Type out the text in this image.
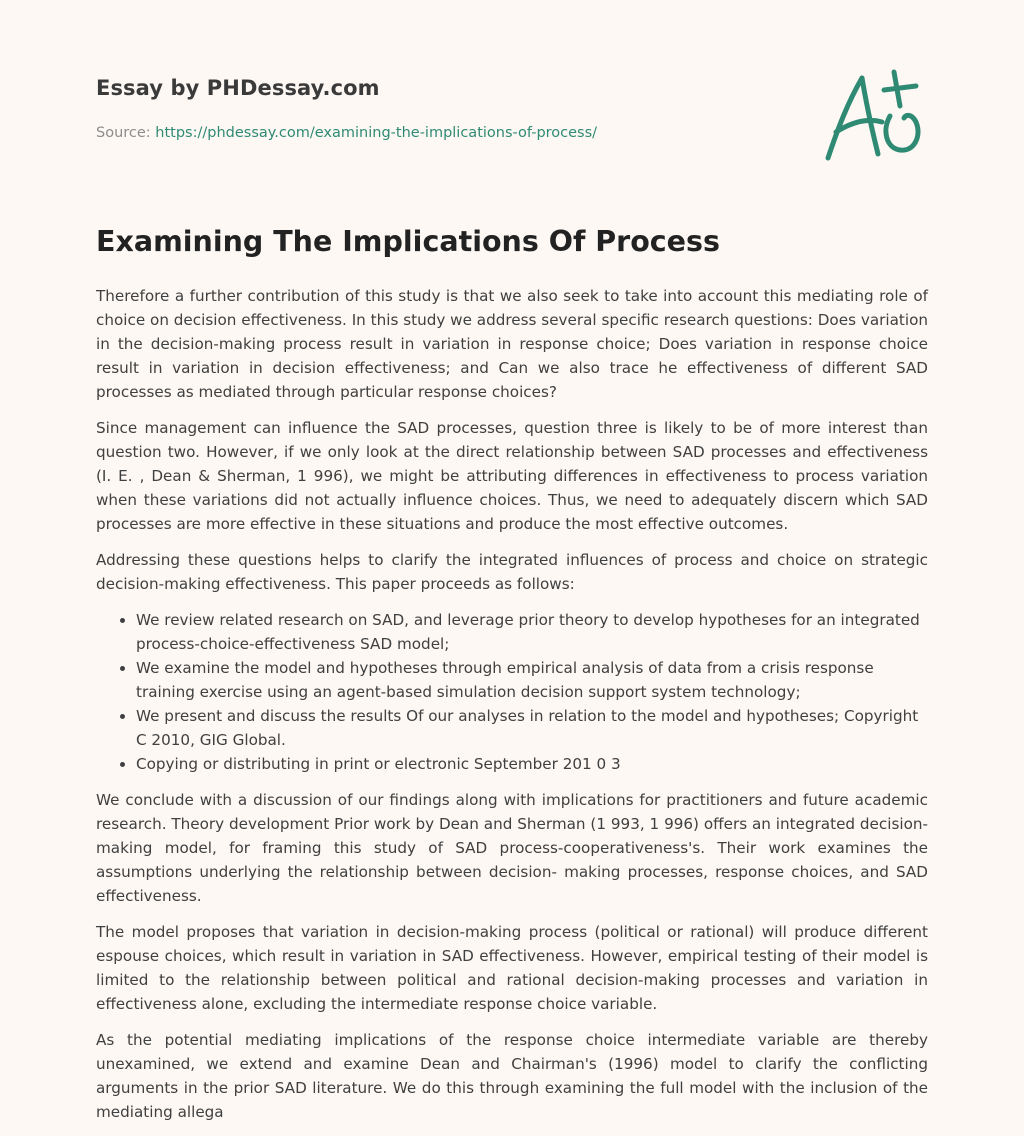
Essay by PHDessay.com
Source: https://phdessay.com/examining-the-implications-of-process/
Examining The Implications Of Process

Therefore a further contribution of this study is that we also seek to take into account this mediating role of choice on decision effectiveness. In this study we address several specific research questions: Does variation in the decision-making process result in variation in response choice; Does variation in response choice result in variation in decision effectiveness; and Can we also trace he effectiveness of different SAD processes as mediated through particular response choices?

Since management can influence the SAD processes, question three is likely to be of more interest than question two. However, if we only look at the direct relationship between SAD processes and effectiveness (I. E. , Dean & Sherman, 1 996), we might be attributing differences in effectiveness to process variation when these variations did not actually influence choices. Thus, we need to adequately discern which SAD processes are more effective in these situations and produce the most effective outcomes.

Addressing these questions helps to clarify the integrated influences of process and choice on strategic decision-making effectiveness. This paper proceeds as follows:

• We review related research on SAD, and leverage prior theory to develop hypotheses for an integrated process-choice-effectiveness SAD model;
• We examine the model and hypotheses through empirical analysis of data from a crisis response training exercise using an agent-based simulation decision support system technology;
• We present and discuss the results Of our analyses in relation to the model and hypotheses; Copyright C 2010, GIG Global.
• Copying or distributing in print or electronic September 201 0 3

We conclude with a discussion of our findings along with implications for practitioners and future academic research. Theory development Prior work by Dean and Sherman (1 993, 1 996) offers an integrated decision-making model, for framing this study of SAD process-cooperativeness's. Their work examines the assumptions underlying the relationship between decision- making processes, response choices, and SAD effectiveness.

The model proposes that variation in decision-making process (political or rational) will produce different espouse choices, which result in variation in SAD effectiveness. However, empirical testing of their model is limited to the relationship between political and rational decision-making processes and variation in effectiveness alone, excluding the intermediate response choice variable.

As the potential mediating implications of the response choice intermediate variable are thereby unexamined, we extend and examine Dean and Chairman's (1996) model to clarify the conflicting arguments in the prior SAD literature. We do this through examining the full model with the inclusion of the mediating allega
